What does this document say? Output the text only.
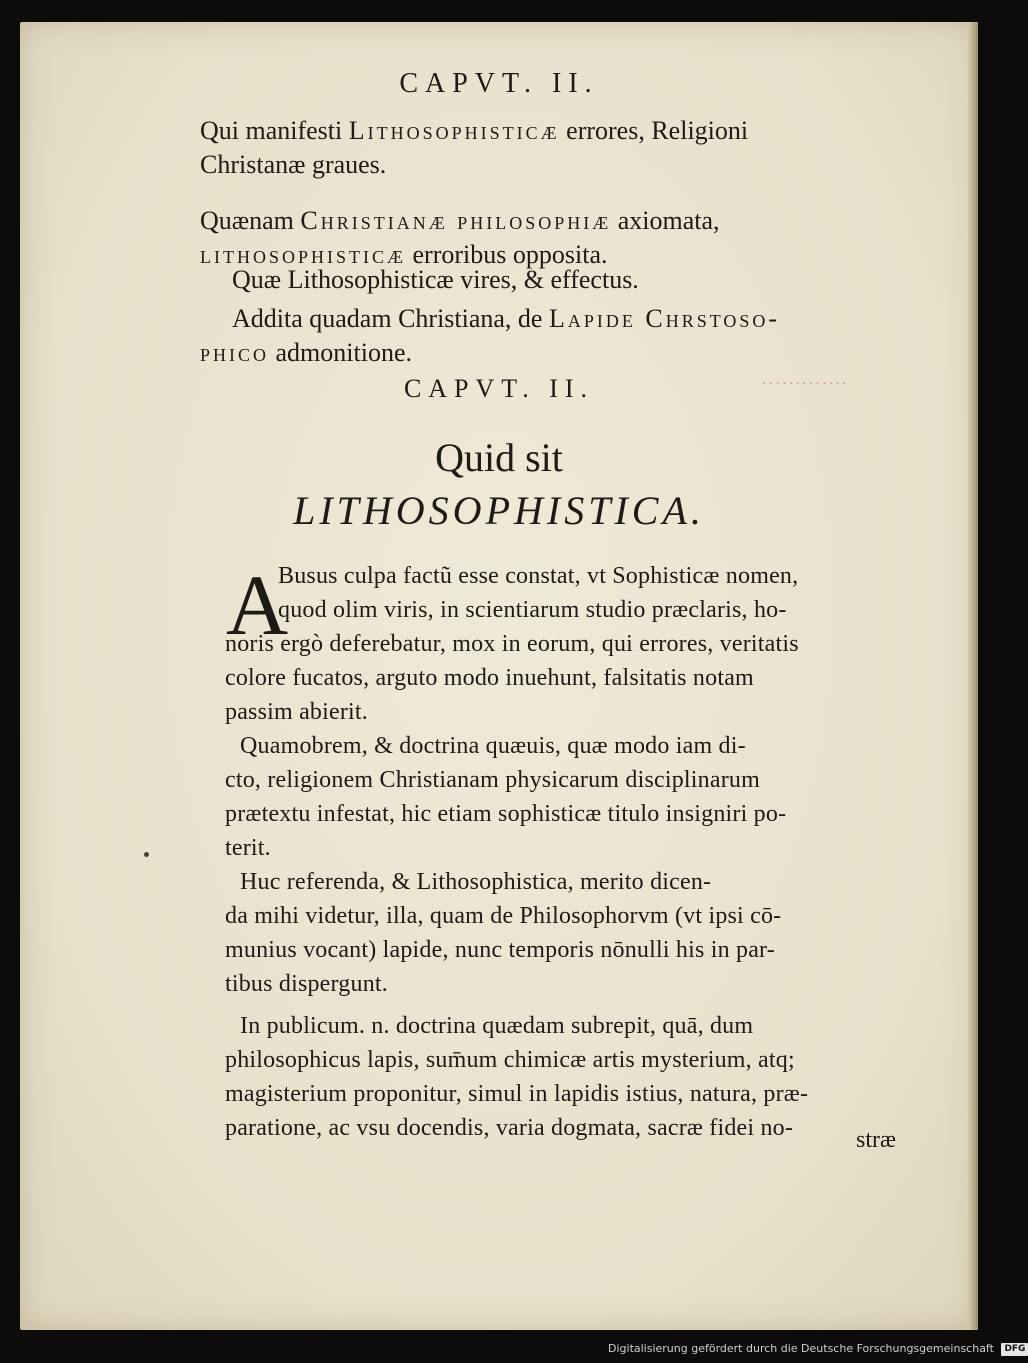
CAPVT. II.
Qui manifesti Lithosophisticæ errores, Religioni
Christanæ graues.
Quænam Christianæ philosophiæ axiomata,
lithosophisticæ erroribus opposita.
Quæ Lithosophisticæ vires, & effectus.
Addita quadam Christiana, de Lapide Chrstoso-
phico admonitione.
CAPVT. II.	·············
Quid sit
LITHOSOPHISTICA.
A
Busus culpa factũ esse constat, vt Sophisticæ nomen,
quod olim viris, in scientiarum studio præclaris, ho-
noris ergò deferebatur, mox in eorum, qui errores, veritatis
colore fucatos, arguto modo inuehunt, falsitatis notam
passim abierit.
Quamobrem, & doctrina quæuis, quæ modo iam di-
cto, religionem Christianam physicarum disciplinarum
prætextu infestat, hic etiam sophisticæ titulo insigniri po-
terit.
Huc referenda, & Lithosophistica, merito dicen-
da mihi videtur, illa, quam de Philosophorvm (vt ipsi cō-
munius vocant) lapide, nunc temporis nōnulli his in par-
tibus dispergunt.
In publicum. n. doctrina quædam subrepit, quā, dum
philosophicus lapis, sum̄um chimicæ artis mysterium, atq;
magisterium proponitur, simul in lapidis istius, natura, præ-
paratione, ac vsu docendis, varia dogmata, sacræ fidei no-	stræ
Digitalisierung gefördert durch die Deutsche Forschungsgemeinschaft DFG
